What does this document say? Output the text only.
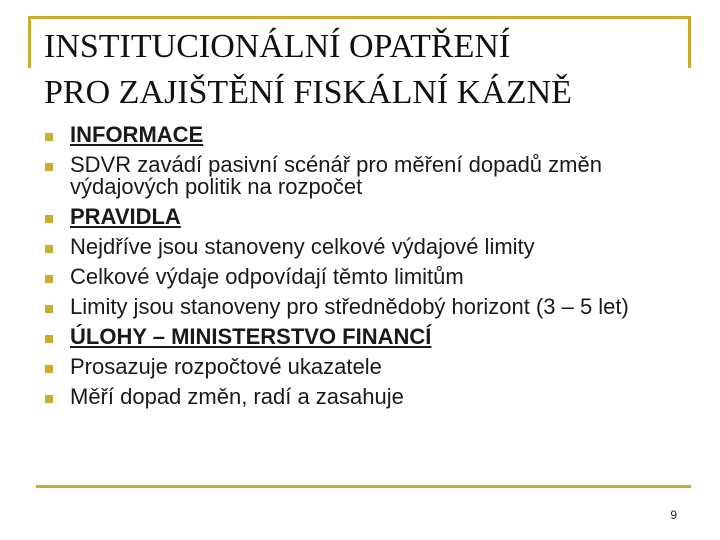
INSTITUCIONÁLNÍ OPATŘENÍ
PRO ZAJIŠTĚNÍ FISKÁLNÍ KÁZNĚ
INFORMACE
SDVR zavádí pasivní scénář pro měření dopadů změn výdajových politik na rozpočet
PRAVIDLA
Nejdříve jsou stanoveny celkové výdajové limity
Celkové výdaje odpovídají těmto limitům
Limity jsou stanoveny pro střednědobý horizont (3 – 5 let)
ÚLOHY – MINISTERSTVO FINANCÍ
Prosazuje rozpočtové ukazatele
Měří dopad změn, radí a zasahuje
9
